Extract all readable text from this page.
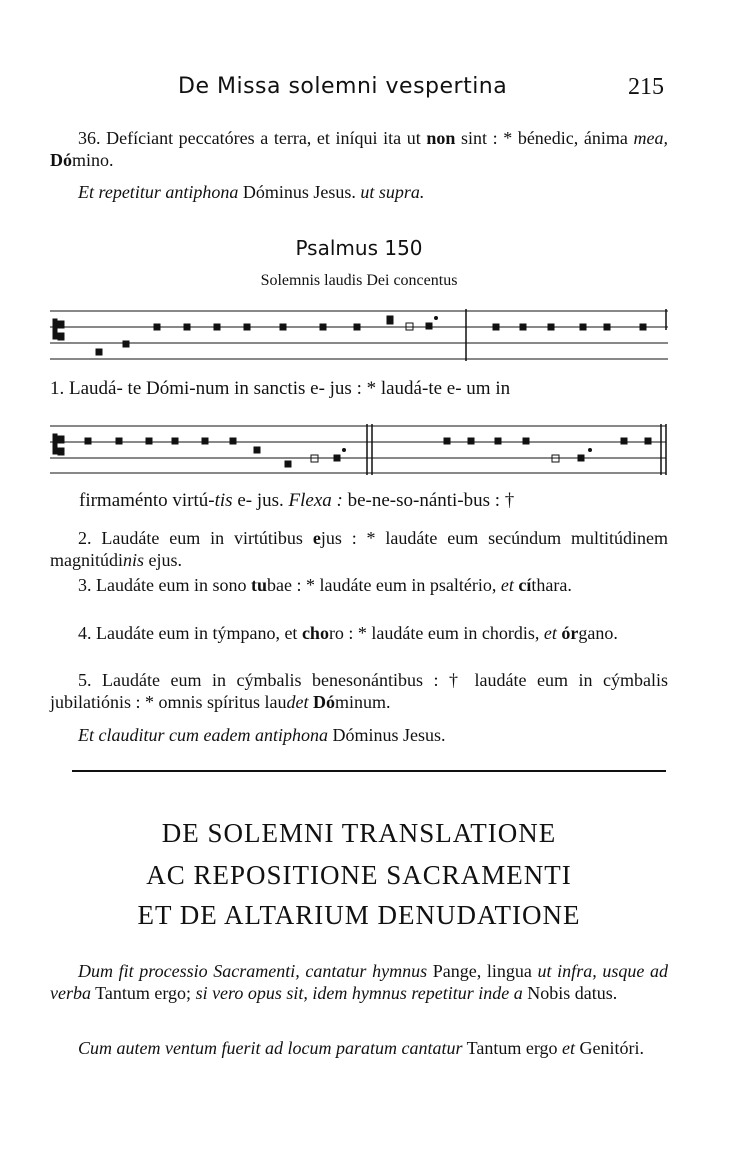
De Missa solemni vespertina	215
36. Defíciant peccatóres a terra, et iníqui ita ut non sint : * bénedic, ánima mea, Dómino.
Et repetitur antiphona Dóminus Jesus. ut supra.
Psalmus 150
Solemnis laudis Dei concentus
1. Laudá- te Dómi-num in sanctis e- jus : * laudá-te e- um in
firmaménto virtú-tis e- jus. Flexa : be-ne-so-nánti-bus : †
2. Laudáte eum in virtútibus ejus : * laudáte eum secúndum multitúdinem magnitúdinis ejus.
3. Laudáte eum in sono tubae : * laudáte eum in psaltério, et cíthara.
4. Laudáte eum in týmpano, et choro : * laudáte eum in chordis, et órgano.
5. Laudáte eum in cýmbalis benesonántibus : † laudáte eum in cýmbalis jubilatiónis : * omnis spíritus laudet Dóminum.
Et clauditur cum eadem antiphona Dóminus Jesus.
DE SOLEMNI TRANSLATIONE
AC REPOSITIONE SACRAMENTI
ET DE ALTARIUM DENUDATIONE
Dum fit processio Sacramenti, cantatur hymnus Pange, lingua ut infra, usque ad verba Tantum ergo; si vero opus sit, idem hymnus repetitur inde a Nobis datus.
Cum autem ventum fuerit ad locum paratum cantatur Tantum ergo et Genitóri.
